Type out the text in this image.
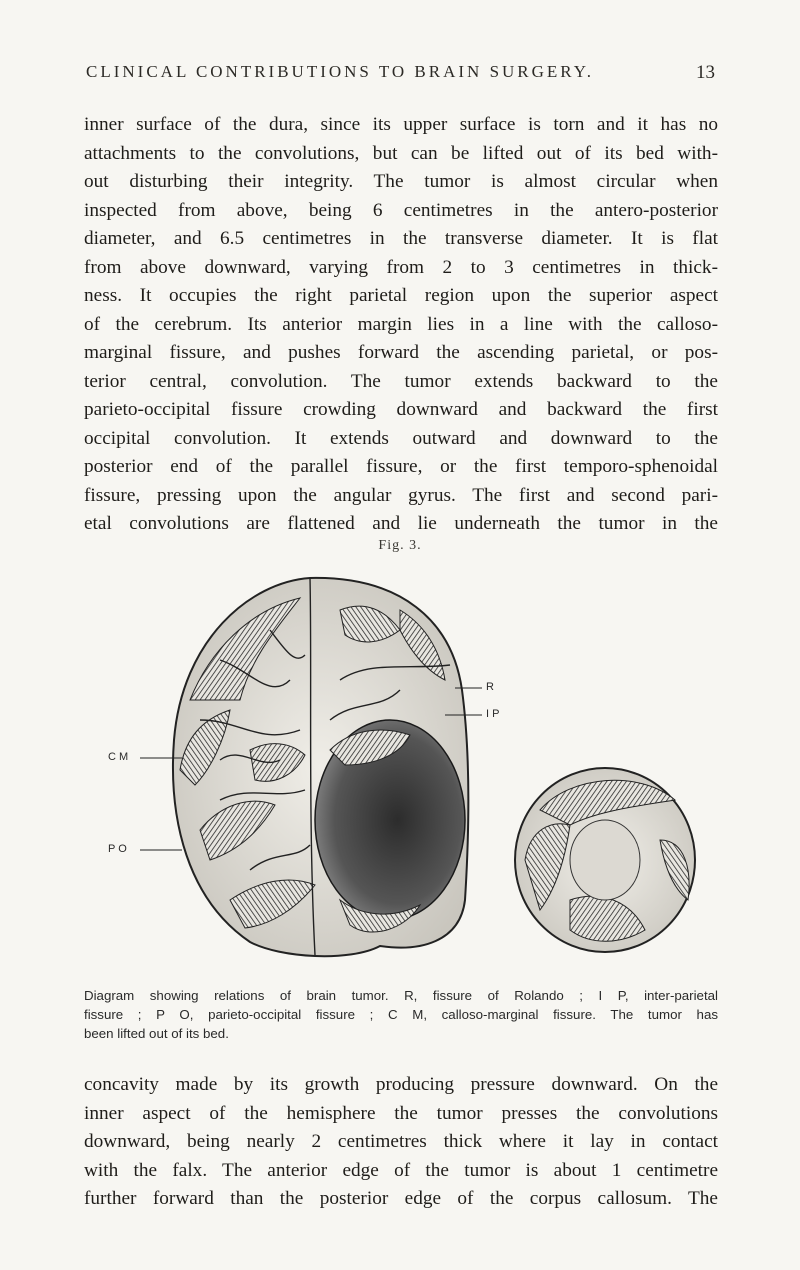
CLINICAL CONTRIBUTIONS TO BRAIN SURGERY.	13
inner surface of the dura, since its upper surface is torn and it has no
attachments to the convolutions, but can be lifted out of its bed with-
out disturbing their integrity. The tumor is almost circular when
inspected from above, being 6 centimetres in the antero-posterior
diameter, and 6.5 centimetres in the transverse diameter. It is flat
from above downward, varying from 2 to 3 centimetres in thick-
ness. It occupies the right parietal region upon the superior aspect
of the cerebrum. Its anterior margin lies in a line with the calloso-
marginal fissure, and pushes forward the ascending parietal, or pos-
terior central, convolution. The tumor extends backward to the
parieto-occipital fissure crowding downward and backward the first
occipital convolution. It extends outward and downward to the
posterior end of the parallel fissure, or the first temporo-sphenoidal
fissure, pressing upon the angular gyrus. The first and second pari-
etal convolutions are flattened and lie underneath the tumor in the
Fig. 3.
R
I P
C M
P O
Diagram showing relations of brain tumor. R, fissure of Rolando ; I P, inter-parietal
fissure ; P O, parieto-occipital fissure ; C M, calloso-marginal fissure. The tumor has
been lifted out of its bed.
concavity made by its growth producing pressure downward. On the
inner aspect of the hemisphere the tumor presses the convolutions
downward, being nearly 2 centimetres thick where it lay in contact
with the falx. The anterior edge of the tumor is about 1 centimetre
further forward than the posterior edge of the corpus callosum. The
